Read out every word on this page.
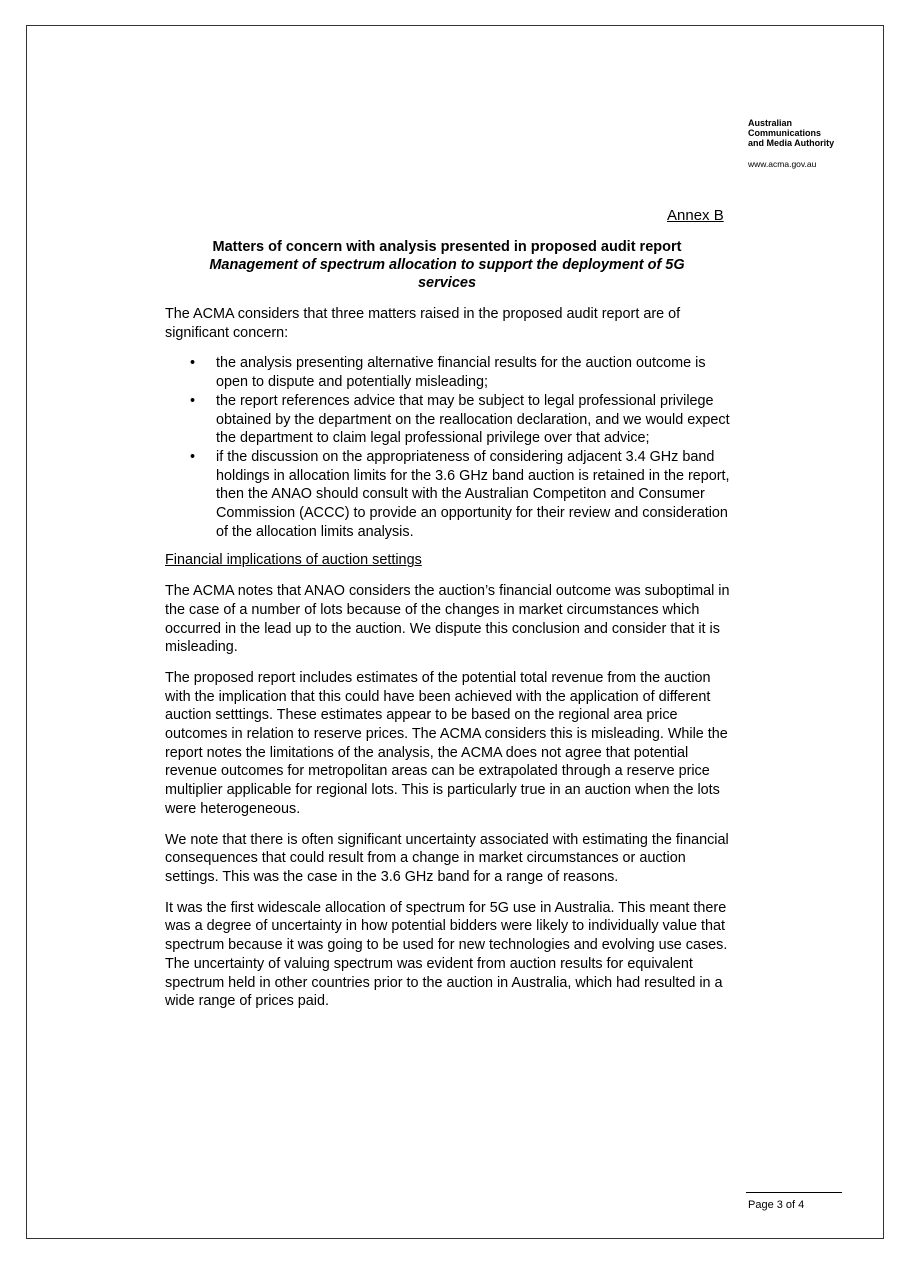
Australian
Communications
and Media Authority
www.acma.gov.au
Annex B
Matters of concern with analysis presented in proposed audit report
Management of spectrum allocation to support the deployment of 5G
services

The ACMA considers that three matters raised in the proposed audit report are of significant concern:

• the analysis presenting alternative financial results for the auction outcome is open to dispute and potentially misleading;
• the report references advice that may be subject to legal professional privilege obtained by the department on the reallocation declaration, and we would expect the department to claim legal professional privilege over that advice;
• if the discussion on the appropriateness of considering adjacent 3.4 GHz band holdings in allocation limits for the 3.6 GHz band auction is retained in the report, then the ANAO should consult with the Australian Competiton and Consumer Commission (ACCC) to provide an opportunity for their review and consideration of the allocation limits analysis.

Financial implications of auction settings

The ACMA notes that ANAO considers the auction’s financial outcome was suboptimal in the case of a number of lots because of the changes in market circumstances which occurred in the lead up to the auction. We dispute this conclusion and consider that it is misleading.

The proposed report includes estimates of the potential total revenue from the auction with the implication that this could have been achieved with the application of different auction setttings. These estimates appear to be based on the regional area price outcomes in relation to reserve prices. The ACMA considers this is misleading. While the report notes the limitations of the analysis, the ACMA does not agree that potential revenue outcomes for metropolitan areas can be extrapolated through a reserve price multiplier applicable for regional lots. This is particularly true in an auction when the lots were heterogeneous.

We note that there is often significant uncertainty associated with estimating the financial consequences that could result from a change in market circumstances or auction settings. This was the case in the 3.6 GHz band for a range of reasons.

It was the first widescale allocation of spectrum for 5G use in Australia. This meant there was a degree of uncertainty in how potential bidders were likely to individually value that spectrum because it was going to be used for new technologies and evolving use cases. The uncertainty of valuing spectrum was evident from auction results for equivalent spectrum held in other countries prior to the auction in Australia, which had resulted in a wide range of prices paid.

Page 3 of 4
